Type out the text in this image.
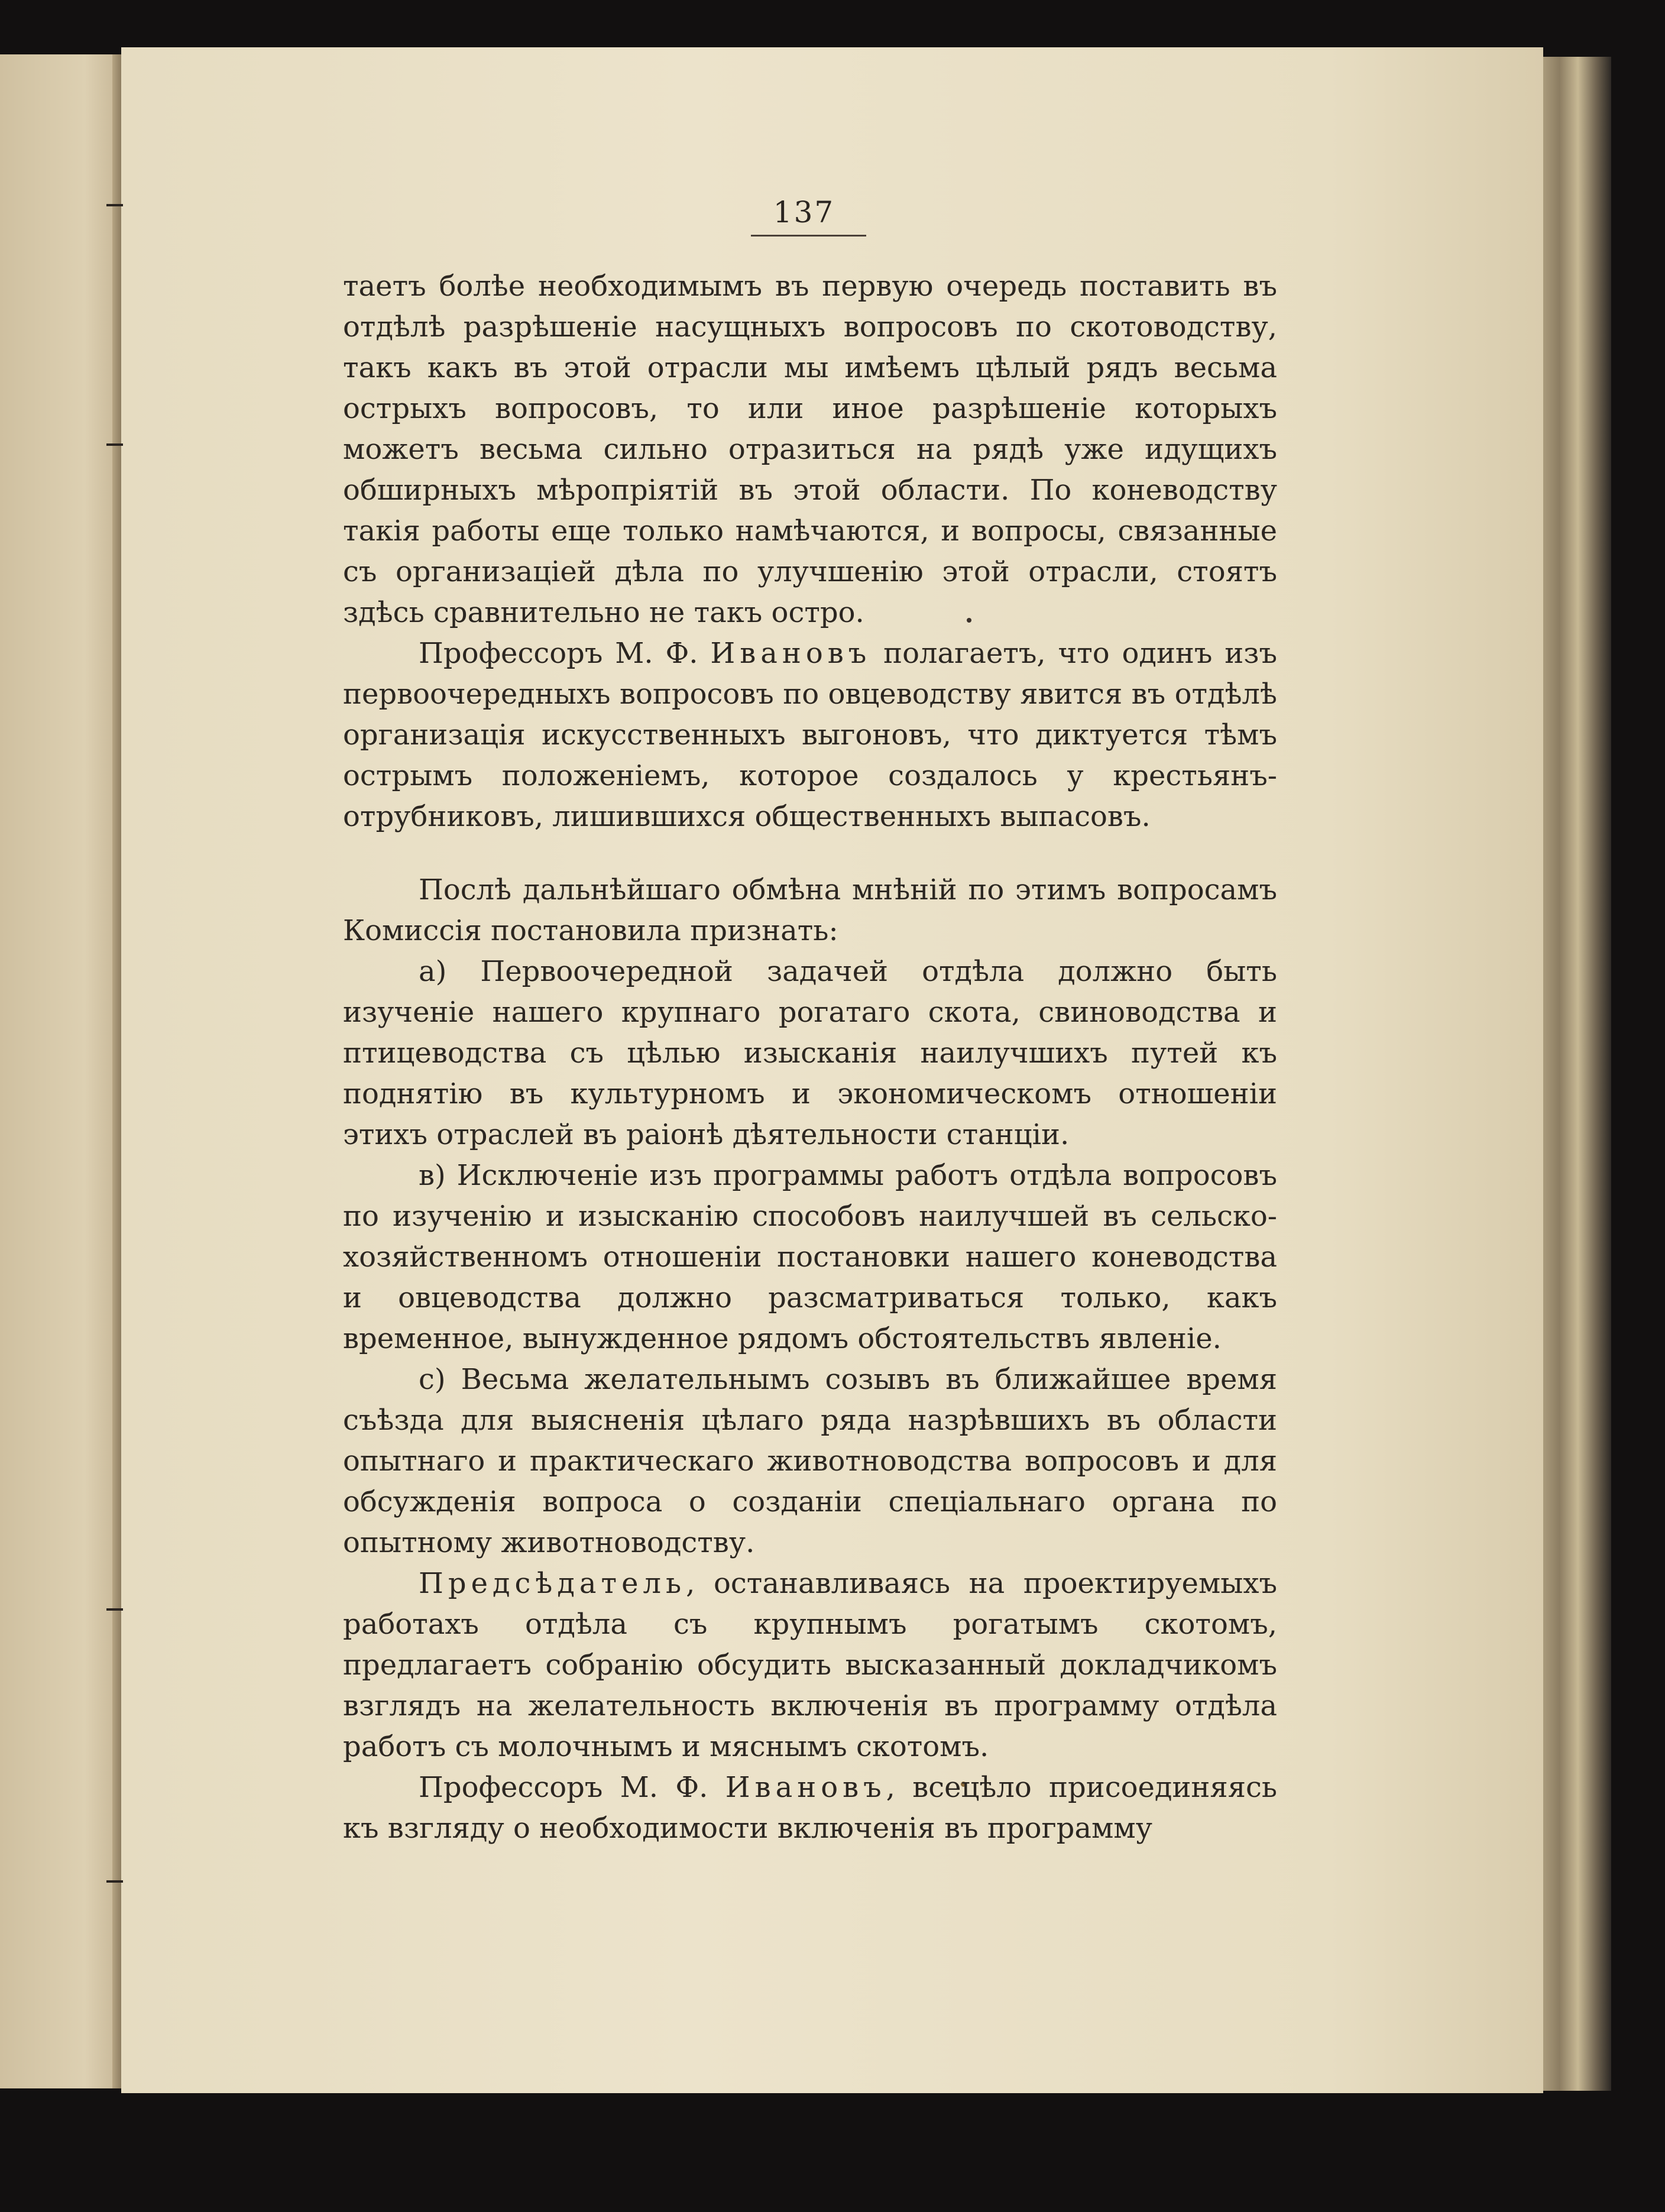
137

таетъ болѣе необходимымъ въ первую очередь поставить въ отдѣлѣ разрѣшеніе насущныхъ вопросовъ по скотоводству, такъ какъ въ этой отрасли мы имѣемъ цѣлый рядъ весьма острыхъ вопросовъ, то или иное разрѣшеніе которыхъ можетъ весьма сильно отразиться на рядѣ уже идущихъ обширныхъ мѣропріятій въ этой области. По коневодству такія работы еще только намѣчаются, и вопросы, связанные съ организаціей дѣла по улучшенію этой отрасли, стоятъ здѣсь сравнительно не такъ остро.

Профессоръ М. Ф. Ивановъ полагаетъ, что одинъ изъ первоочередныхъ вопросовъ по овцеводству явится въ отдѣлѣ организація искусственныхъ выгоновъ, что диктуется тѣмъ острымъ положеніемъ, которое создалось у крестьянъ-отрубниковъ, лишившихся общественныхъ выпасовъ.

Послѣ дальнѣйшаго обмѣна мнѣній по этимъ вопросамъ Комиссія постановила признать:

а) Первоочередной задачей отдѣла должно быть изученіе нашего крупнаго рогатаго скота, свиноводства и птицеводства съ цѣлью изысканія наилучшихъ путей къ поднятію въ культурномъ и экономическомъ отношеніи этихъ отраслей въ раіонѣ дѣятельности станціи.

в) Исключеніе изъ программы работъ отдѣла вопросовъ по изученію и изысканію способовъ наилучшей въ сельско-хозяйственномъ отношеніи постановки нашего коневодства и овцеводства должно разсматриваться только, какъ временное, вынужденное рядомъ обстоятельствъ явленіе.

с) Весьма желательнымъ созывъ въ ближайшее время съѣзда для выясненія цѣлаго ряда назрѣвшихъ въ области опытнаго и практическаго животноводства вопросовъ и для обсужденія вопроса о созданіи спеціальнаго органа по опытному животноводству.

Предсѣдатель, останавливаясь на проектируемыхъ работахъ отдѣла съ крупнымъ рогатымъ скотомъ, предлагаетъ собранію обсудить высказанный докладчикомъ взглядъ на желательность включенія въ программу отдѣла работъ съ молочнымъ и мяснымъ скотомъ.

Профессоръ М. Ф. Ивановъ, всецѣло присоединяясь къ взгляду о необходимости включенія въ программу
